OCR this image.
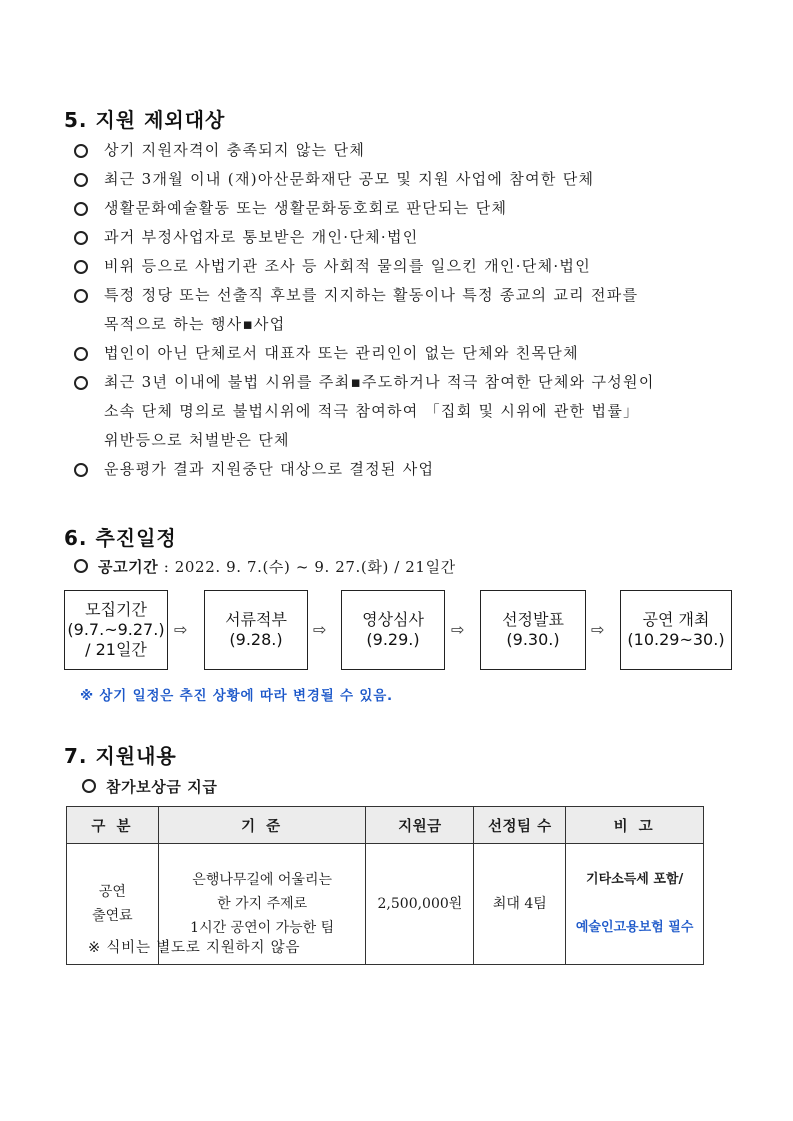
5. 지원 제외대상
상기 지원자격이 충족되지 않는 단체
최근 3개월 이내 (재)아산문화재단 공모 및 지원 사업에 참여한 단체
생활문화예술활동 또는 생활문화동호회로 판단되는 단체
과거 부정사업자로 통보받은 개인·단체·법인
비위 등으로 사법기관 조사 등 사회적 물의를 일으킨 개인·단체·법인
특정 정당 또는 선출직 후보를 지지하는 활동이나 특정 종교의 교리 전파를
목적으로 하는 행사▪사업
법인이 아닌 단체로서 대표자 또는 관리인이 없는 단체와 친목단체
최근 3년 이내에 불법 시위를 주최▪주도하거나 적극 참여한 단체와 구성원이
소속 단체 명의로 불법시위에 적극 참여하여 「집회 및 시위에 관한 법률」
위반등으로 처벌받은 단체
운용평가 결과 지원중단 대상으로 결정된 사업
6. 추진일정
공고기간 : 2022. 9. 7.(수) ~ 9. 27.(화) / 21일간
모집기간
(9.7.~9.27.)
/ 21일간
⇨
서류적부
(9.28.)
⇨
영상심사
(9.29.)
⇨
선정발표
(9.30.)
⇨
공연 개최
(10.29~30.)
※ 상기 일정은 추진 상황에 따라 변경될 수 있음.
7. 지원내용
참가보상금 지급
구 분	기 준	지원금	선정팀 수	비 고
공연
출연료	은행나무길에 어울리는
한 가지 주제로
1시간 공연이 가능한 팀	2,500,000원	최대 4팀	기타소득세 포함/

예술인고용보험 필수

※ 식비는 별도로 지원하지 않음
